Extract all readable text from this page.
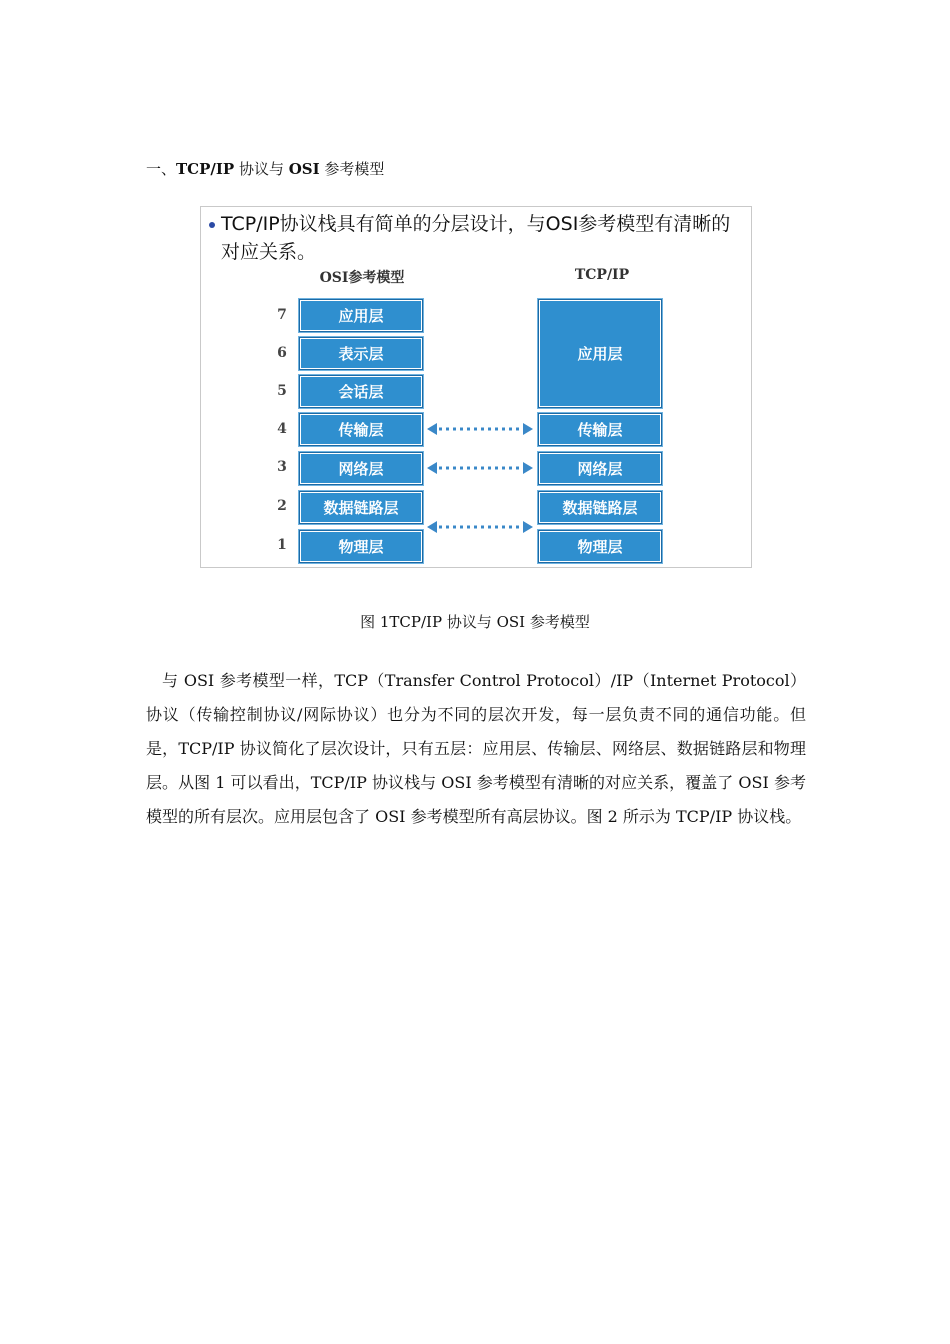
一、TCP/IP 协议与 OSI 参考模型
TCP/IP协议栈具有简单的分层设计，与OSI参考模型有清晰的
对应关系。
OSI参考模型	TCP/IP
7
6
5
4
3
2
1
应用层
表示层
会话层
传输层
网络层
数据链路层
物理层
应用层
传输层
网络层
数据链路层
物理层
图 1TCP/IP 协议与 OSI 参考模型
与 OSI 参考模型一样，TCP（Transfer Control Protocol）/IP（Internet Protocol）协议（传输控制协议/网际协议）也分为不同的层次开发，每一层负责不同的通信功能。但是，TCP/IP 协议简化了层次设计，只有五层：应用层、传输层、网络层、数据链路层和物理层。从图 1 可以看出，TCP/IP 协议栈与 OSI 参考模型有清晰的对应关系，覆盖了 OSI 参考模型的所有层次。应用层包含了 OSI 参考模型所有高层协议。图 2 所示为 TCP/IP 协议栈。
